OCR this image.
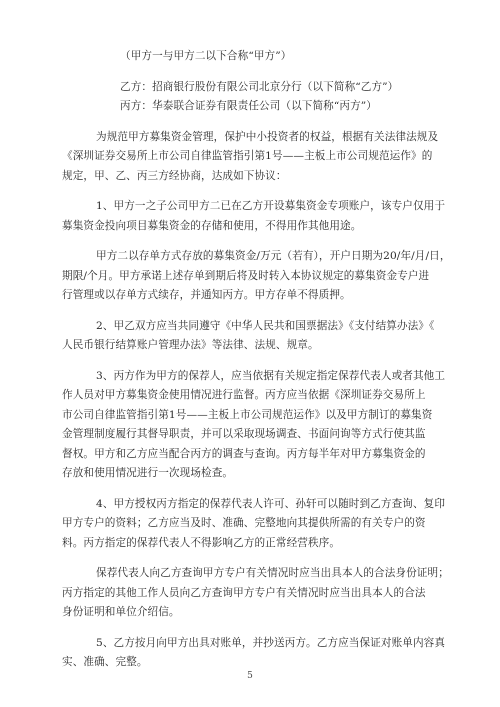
（甲方一与甲方二以下合称“甲方”）
乙方：招商银行股份有限公司北京分行（以下简称“乙方”）
丙方：华泰联合证券有限责任公司（以下简称“丙方”）
为规范甲方募集资金管理，保护中小投资者的权益，根据有关法律法规及
《深圳证券交易所上市公司自律监管指引第1号——主板上市公司规范运作》的
规定，甲、乙、丙三方经协商，达成如下协议：
1、甲方一之子公司甲方二已在乙方开设募集资金专项账户，该专户仅用于
募集资金投向项目募集资金的存储和使用，不得用作其他用途。
甲方二以存单方式存放的募集资金/万元（若有），开户日期为20/年/月/日，
期限/个月。甲方承诺上述存单到期后将及时转入本协议规定的募集资金专户进
行管理或以存单方式续存，并通知丙方。甲方存单不得质押。
2、甲乙双方应当共同遵守《中华人民共和国票据法》《支付结算办法》《
人民币银行结算账户管理办法》等法律、法规、规章。
3、丙方作为甲方的保荐人，应当依据有关规定指定保荐代表人或者其他工
作人员对甲方募集资金使用情况进行监督。丙方应当依据《深圳证券交易所上
市公司自律监管指引第1号——主板上市公司规范运作》以及甲方制订的募集资
金管理制度履行其督导职责，并可以采取现场调查、书面问询等方式行使其监
督权。甲方和乙方应当配合丙方的调查与查询。丙方每半年对甲方募集资金的
存放和使用情况进行一次现场检查。
4、甲方授权丙方指定的保荐代表人许可、孙轩可以随时到乙方查询、复印
甲方专户的资料；乙方应当及时、准确、完整地向其提供所需的有关专户的资
料。丙方指定的保荐代表人不得影响乙方的正常经营秩序。
保荐代表人向乙方查询甲方专户有关情况时应当出具本人的合法身份证明；
丙方指定的其他工作人员向乙方查询甲方专户有关情况时应当出具本人的合法
身份证明和单位介绍信。
5、乙方按月向甲方出具对账单，并抄送丙方。乙方应当保证对账单内容真
实、准确、完整。
5
